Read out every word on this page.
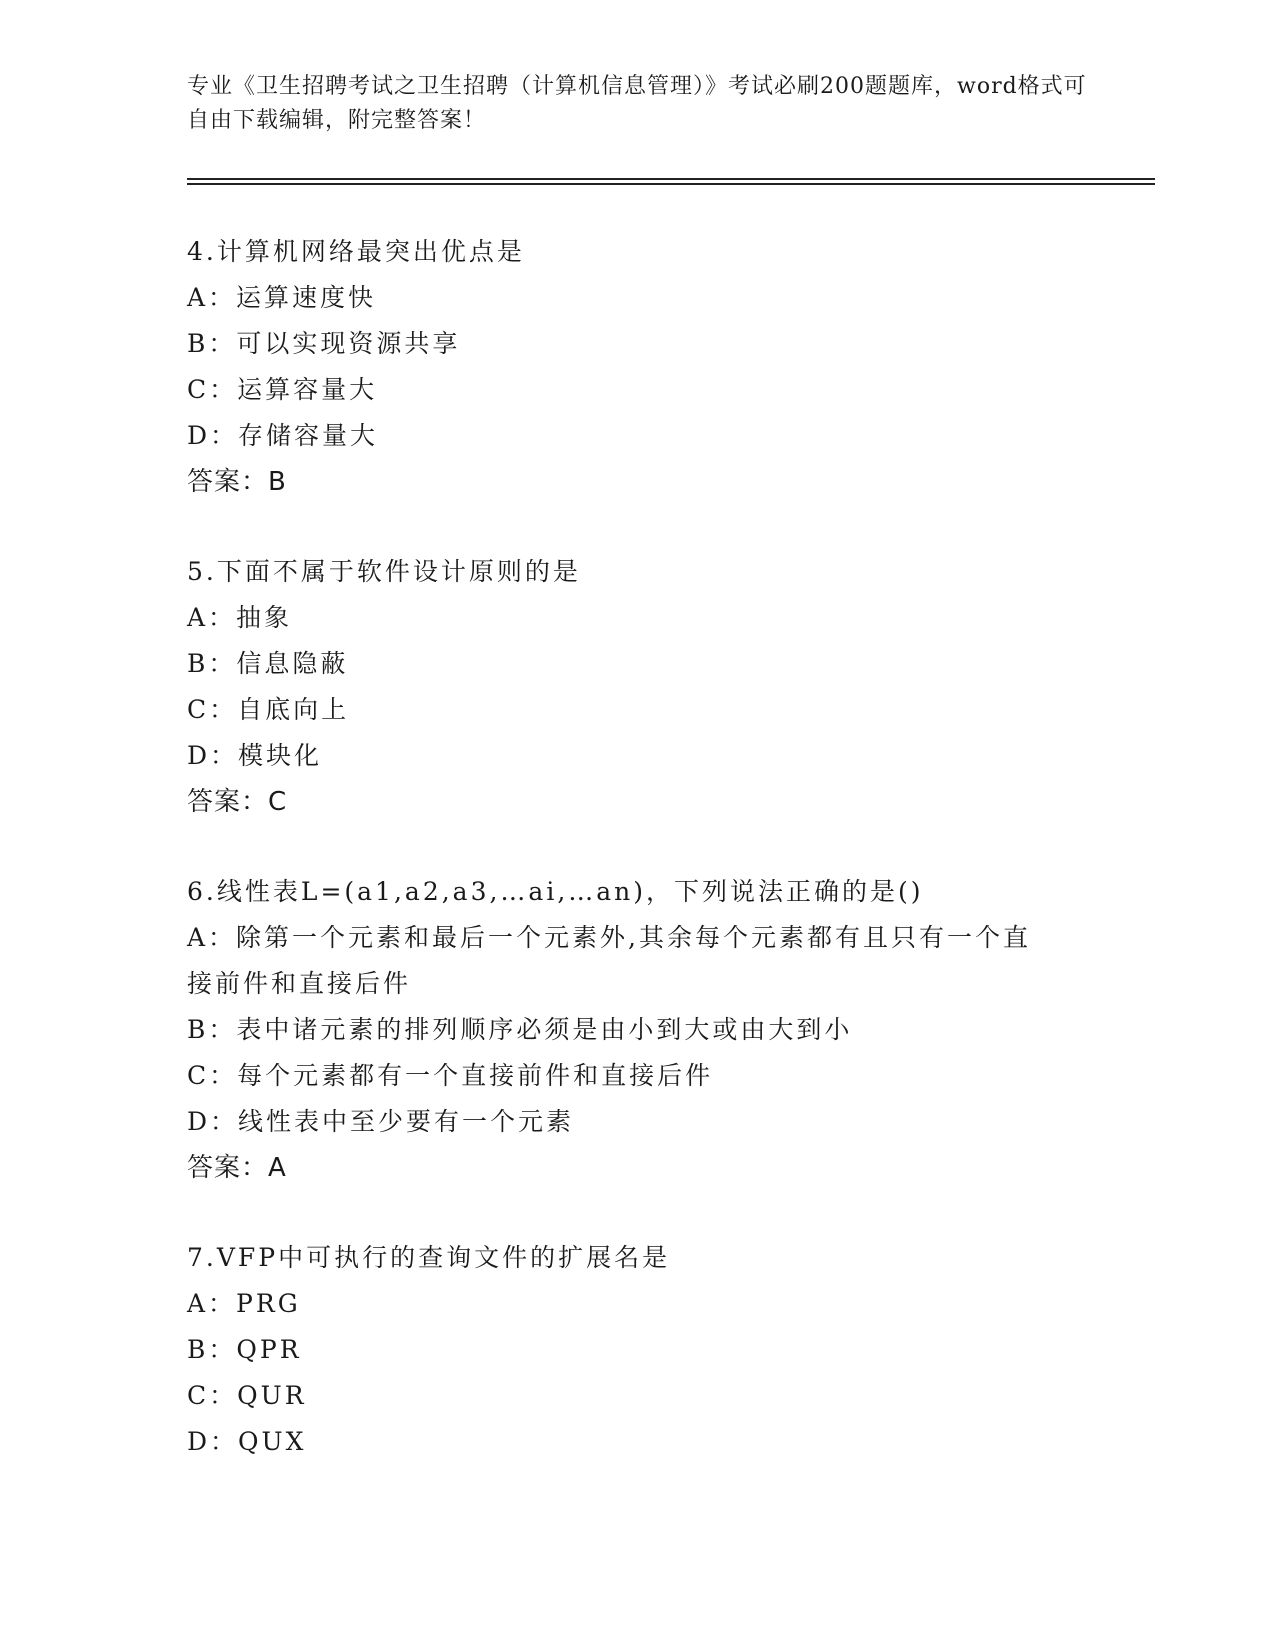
专业《卫生招聘考试之卫生招聘（计算机信息管理）》考试必刷200题题库，word格式可自由下载编辑，附完整答案！
4.计算机网络最突出优点是
A：运算速度快
B：可以实现资源共享
C：运算容量大
D：存储容量大
答案：B
5.下面不属于软件设计原则的是
A：抽象
B：信息隐蔽
C：自底向上
D：模块化
答案：C
6.线性表L=(a1,a2,a3,…ai,…an)，下列说法正确的是()
A：除第一个元素和最后一个元素外,其余每个元素都有且只有一个直接前件和直接后件
B：表中诸元素的排列顺序必须是由小到大或由大到小
C：每个元素都有一个直接前件和直接后件
D：线性表中至少要有一个元素
答案：A
7.VFP中可执行的查询文件的扩展名是
A：PRG
B：QPR
C：QUR
D：QUX
